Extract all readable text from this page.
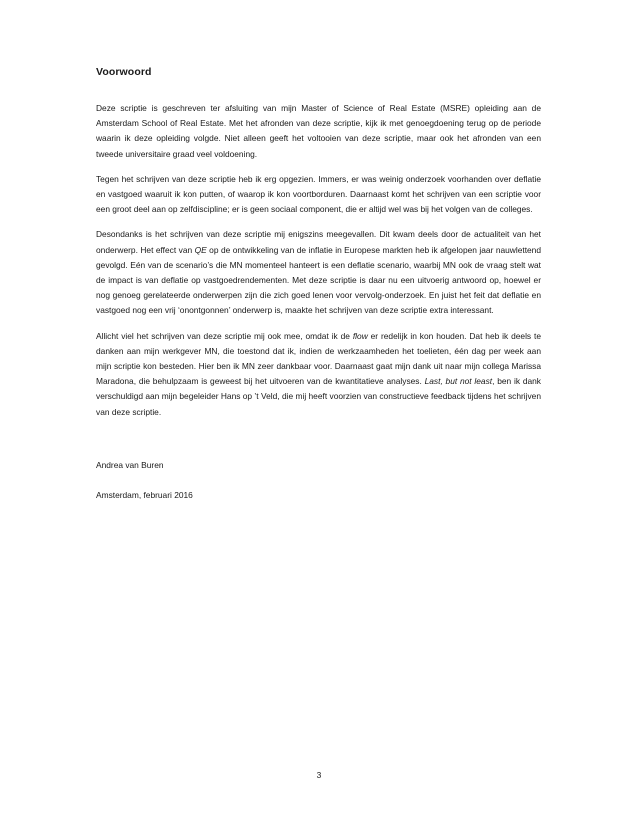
Voorwoord

Deze scriptie is geschreven ter afsluiting van mijn Master of Science of Real Estate (MSRE) opleiding aan de Amsterdam School of Real Estate. Met het afronden van deze scriptie, kijk ik met genoegdoening terug op de periode waarin ik deze opleiding volgde. Niet alleen geeft het voltooien van deze scriptie, maar ook het afronden van een tweede universitaire graad veel voldoening.

Tegen het schrijven van deze scriptie heb ik erg opgezien. Immers, er was weinig onderzoek voorhanden over deflatie en vastgoed waaruit ik kon putten, of waarop ik kon voortborduren. Daarnaast komt het schrijven van een scriptie voor een groot deel aan op zelfdiscipline; er is geen sociaal component, die er altijd wel was bij het volgen van de colleges.

Desondanks is het schrijven van deze scriptie mij enigszins meegevallen. Dit kwam deels door de actualiteit van het onderwerp. Het effect van QE op de ontwikkeling van de inflatie in Europese markten heb ik afgelopen jaar nauwlettend gevolgd. Eén van de scenario’s die MN momenteel hanteert is een deflatie scenario, waarbij MN ook de vraag stelt wat de impact is van deflatie op vastgoedrendementen. Met deze scriptie is daar nu een uitvoerig antwoord op, hoewel er nog genoeg gerelateerde onderwerpen zijn die zich goed lenen voor vervolg-onderzoek. En juist het feit dat deflatie en vastgoed nog een vrij ‘onontgonnen’ onderwerp is, maakte het schrijven van deze scriptie extra interessant.

Allicht viel het schrijven van deze scriptie mij ook mee, omdat ik de flow er redelijk in kon houden. Dat heb ik deels te danken aan mijn werkgever MN, die toestond dat ik, indien de werkzaamheden het toelieten, één dag per week aan mijn scriptie kon besteden. Hier ben ik MN zeer dankbaar voor. Daarnaast gaat mijn dank uit naar mijn collega Marissa Maradona, die behulpzaam is geweest bij het uitvoeren van de kwantitatieve analyses. Last, but not least, ben ik dank verschuldigd aan mijn begeleider Hans op ’t Veld, die mij heeft voorzien van constructieve feedback tijdens het schrijven van deze scriptie.

Andrea van Buren

Amsterdam, februari 2016

3
